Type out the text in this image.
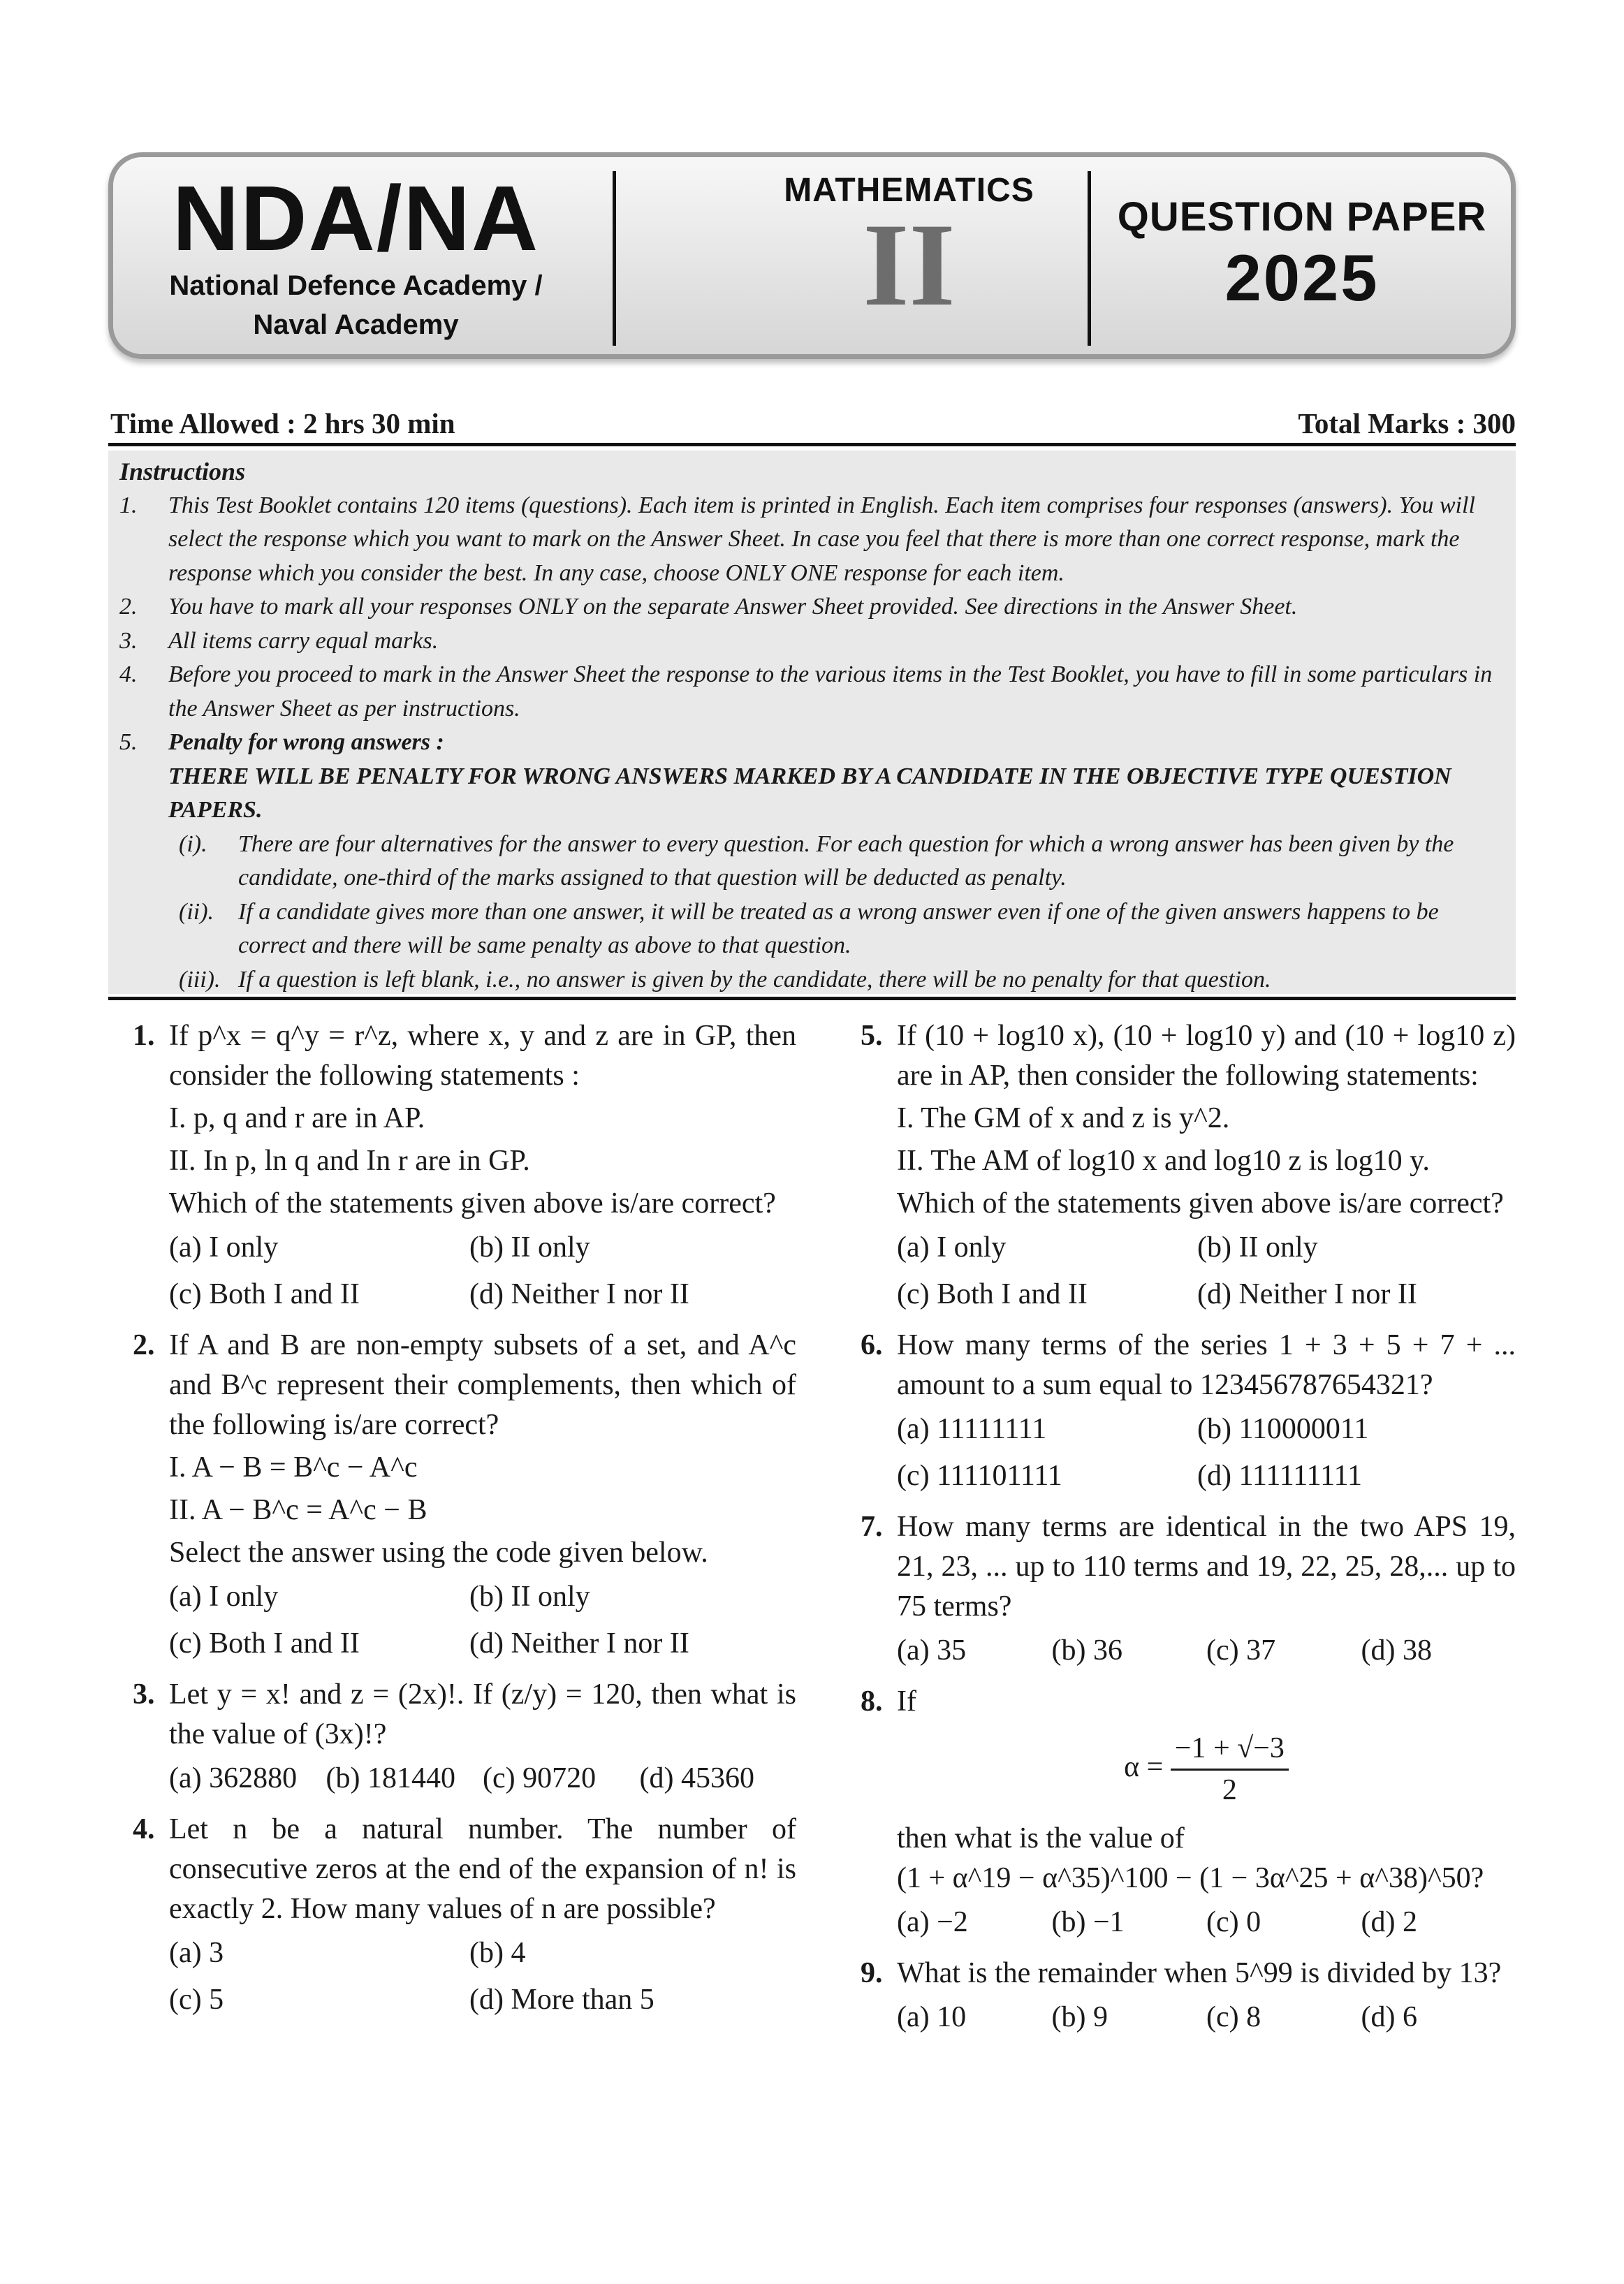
NDA/NA
National Defence Academy /
Naval Academy
MATHEMATICS
II	QUESTION PAPER
2025
Time Allowed : 2 hrs 30 min	Total Marks : 300
Instructions
1. This Test Booklet contains 120 items (questions). Each item is printed in English. Each item comprises four responses (answers). You will select the response which you want to mark on the Answer Sheet. In case you feel that there is more than one correct response, mark the response which you consider the best. In any case, choose ONLY ONE response for each item.
2. You have to mark all your responses ONLY on the separate Answer Sheet provided. See directions in the Answer Sheet.
3. All items carry equal marks.
4. Before you proceed to mark in the Answer Sheet the response to the various items in the Test Booklet, you have to fill in some particulars in the Answer Sheet as per instructions.
5. Penalty for wrong answers :
THERE WILL BE PENALTY FOR WRONG ANSWERS MARKED BY A CANDIDATE IN THE OBJECTIVE TYPE QUESTION PAPERS.
(i). There are four alternatives for the answer to every question. For each question for which a wrong answer has been given by the candidate, one-third of the marks assigned to that question will be deducted as penalty.
(ii). If a candidate gives more than one answer, it will be treated as a wrong answer even if one of the given answers happens to be correct and there will be same penalty as above to that question.
(iii). If a question is left blank, i.e., no answer is given by the candidate, there will be no penalty for that question.
1. If p^x = q^y = r^z, where x, y and z are in GP, then consider the following statements :
I. p, q and r are in AP.
II. In p, ln q and In r are in GP.
Which of the statements given above is/are correct?
(a) I only	(b) II only
(c) Both I and II	(d) Neither I nor II
2. If A and B are non-empty subsets of a set, and A^c and B^c represent their complements, then which of the following is/are correct?
I. A − B = B^c − A^c
II. A − B^c = A^c − B
Select the answer using the code given below.
(a) I only	(b) II only
(c) Both I and II	(d) Neither I nor II
3. Let y = x! and z = (2x)!. If (z/y) = 120, then what is the value of (3x)!?
(a) 362880 (b) 181440 (c) 90720	(d) 45360
4. Let n be a natural number. The number of consecutive zeros at the end of the expansion of n! is exactly 2. How many values of n are possible?
(a) 3	(b) 4
(c) 5	(d) More than 5
5. If (10 + log10 x), (10 + log10 y) and (10 + log10 z) are in AP, then consider the following statements:
I. The GM of x and z is y^2.
II. The AM of log10 x and log10 z is log10 y.
Which of the statements given above is/are correct?
(a) I only	(b) II only
(c) Both I and II	(d) Neither I nor II
6. How many terms of the series 1 + 3 + 5 + 7 + ... amount to a sum equal to 123456787654321?
(a) 11111111	(b) 110000011
(c) 111101111	(d) 111111111
7. How many terms are identical in the two APS 19, 21, 23, ... up to 110 terms and 19, 22, 25, 28,... up to 75 terms?
(a) 35	(b) 36	(c) 37	(d) 38
8. If
$\alpha = \frac{-1 + √-3}{2}$
then what is the value of
(1 + α^19 − α^35)^100 − (1 − 3α^25 + α^38)^50?
(a) −2	(b) −1	(c) 0	(d) 2
9. What is the remainder when 5^99 is divided by 13?
(a) 10	(b) 9	(c) 8	(d) 6
